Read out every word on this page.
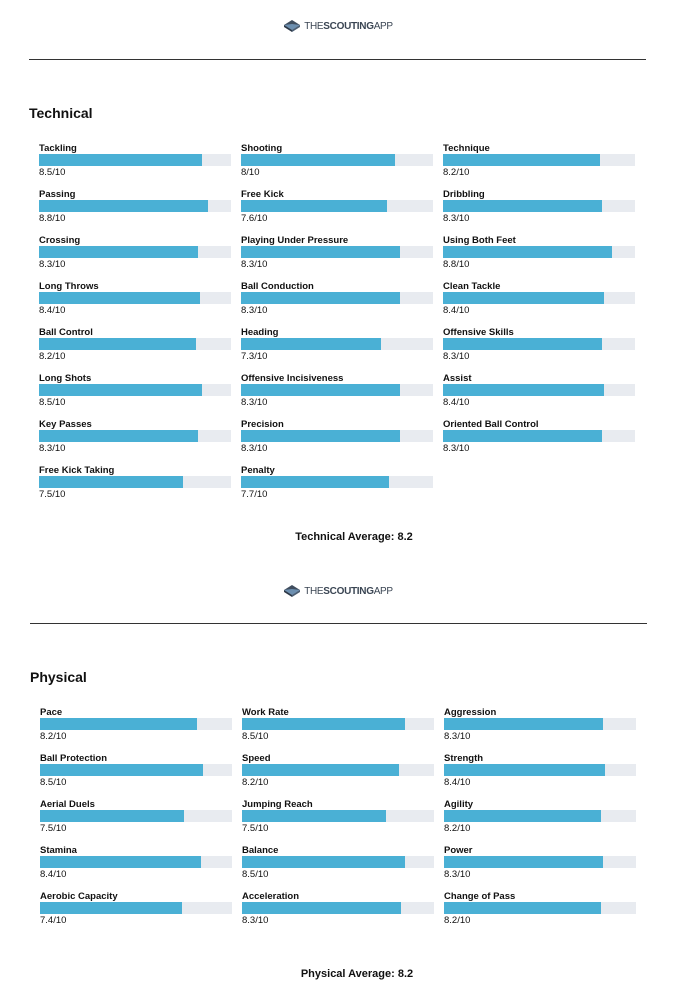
THESCOUTINGAPP
Technical
Tackling
8.5/10
Shooting
8/10
Technique
8.2/10
Passing
8.8/10
Free Kick
7.6/10
Dribbling
8.3/10
Crossing
8.3/10
Playing Under Pressure
8.3/10
Using Both Feet
8.8/10
Long Throws
8.4/10
Ball Conduction
8.3/10
Clean Tackle
8.4/10
Ball Control
8.2/10
Heading
7.3/10
Offensive Skills
8.3/10
Long Shots
8.5/10
Offensive Incisiveness
8.3/10
Assist
8.4/10
Key Passes
8.3/10
Precision
8.3/10
Oriented Ball Control
8.3/10
Free Kick Taking
7.5/10
Penalty
7.7/10
Technical Average: 8.2
THESCOUTINGAPP
Physical
Pace
8.2/10
Work Rate
8.5/10
Aggression
8.3/10
Ball Protection
8.5/10
Speed
8.2/10
Strength
8.4/10
Aerial Duels
7.5/10
Jumping Reach
7.5/10
Agility
8.2/10
Stamina
8.4/10
Balance
8.5/10
Power
8.3/10
Aerobic Capacity
7.4/10
Acceleration
8.3/10
Change of Pass
8.2/10
Physical Average: 8.2
